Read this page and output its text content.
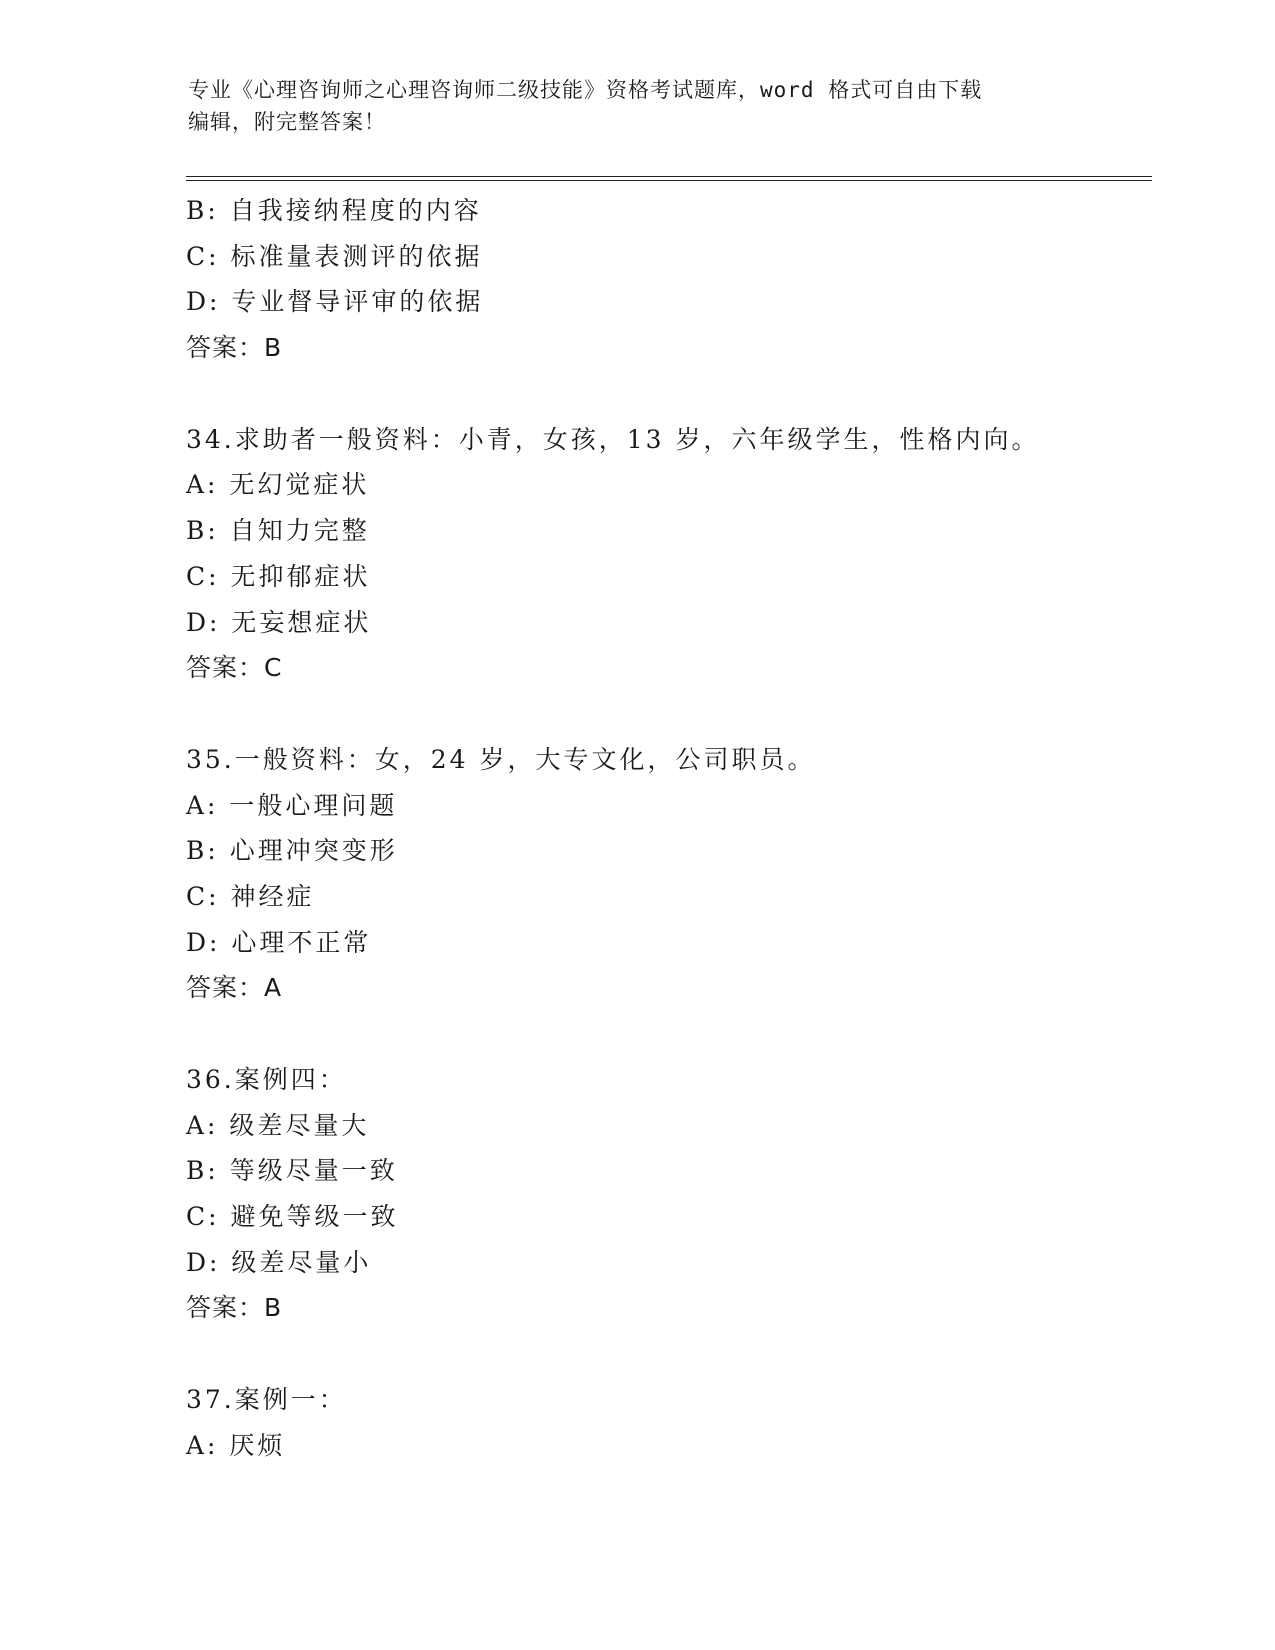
专业《心理咨询师之心理咨询师二级技能》资格考试题库，word 格式可自由下载
编辑，附完整答案！
B: 自我接纳程度的内容
C: 标准量表测评的依据
D: 专业督导评审的依据
答案：B
34.求助者一般资料：小青，女孩，13 岁，六年级学生，性格内向。
A: 无幻觉症状
B: 自知力完整
C: 无抑郁症状
D: 无妄想症状
答案：C
35.一般资料：女，24 岁，大专文化，公司职员。
A: 一般心理问题
B: 心理冲突变形
C: 神经症
D: 心理不正常
答案：A
36.案例四：
A: 级差尽量大
B: 等级尽量一致
C: 避免等级一致
D: 级差尽量小
答案：B
37.案例一：
A: 厌烦
